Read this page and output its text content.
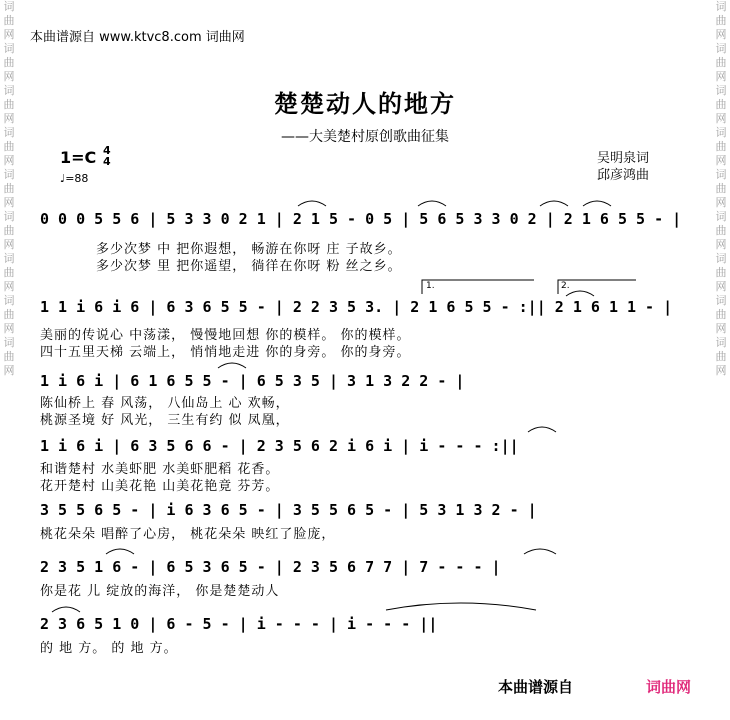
词曲网词曲网词曲网词曲网词曲网词曲网词曲网词曲网词曲网
词曲网词曲网词曲网词曲网词曲网词曲网词曲网词曲网词曲网
本曲谱源自 www.ktvc8.com 词曲网
楚楚动人的地方
——大美楚村原创歌曲征集
1=C 4
4
♩=88
吴明泉词
邱彦鸿曲
0 0 0 5 5 6 | 5 3 3 0 2 1 | 2 1 5 - 0 5 | 5 6 5 3 3 0 2 | 2 1 6 5 5 - |
多少次梦 中 把你遐想， 畅游在你呀 庄 子故乡。
多少次梦 里 把你遥望， 徜徉在你呀 粉 丝之乡。
1.	2.
1 1 i 6 i 6 | 6 3 6 5 5 - | 2 2 3 5 3. | 2 1 6 5 5 - :|| 2 1 6 1 1 - |
美丽的传说心 中荡漾， 慢慢地回想 你的模样。 你的模样。
四十五里天梯 云端上， 悄悄地走进 你的身旁。 你的身旁。
1 i 6 i | 6 1 6 5 5 - | 6 5 3 5 | 3 1 3 2 2 - |
陈仙桥上 春 风荡， 八仙岛上 心 欢畅，
桃源圣境 好 风光， 三生有约 似 凤凰，
1 i 6 i | 6 3 5 6 6 - | 2 3 5 6 2 i 6 i | i - - - :||
和谐楚村 水美虾肥 水美虾肥稻 花香。
花开楚村 山美花艳 山美花艳竟 芬芳。
3 5 5 6 5 - | i 6 3 6 5 - | 3 5 5 6 5 - | 5 3 1 3 2 - |
桃花朵朵 唱醉了心房， 桃花朵朵 映红了脸庞，
2 3 5 1 6 - | 6 5 3 6 5 - | 2 3 5 6 7 7 | 7 - - - |
你是花 儿 绽放的海洋， 你是楚楚动人
2 3 6 5 1 0 | 6 - 5 - | i - - - | i - - - ||
的 地 方。 的 地 方。
本曲谱源自	词曲网
